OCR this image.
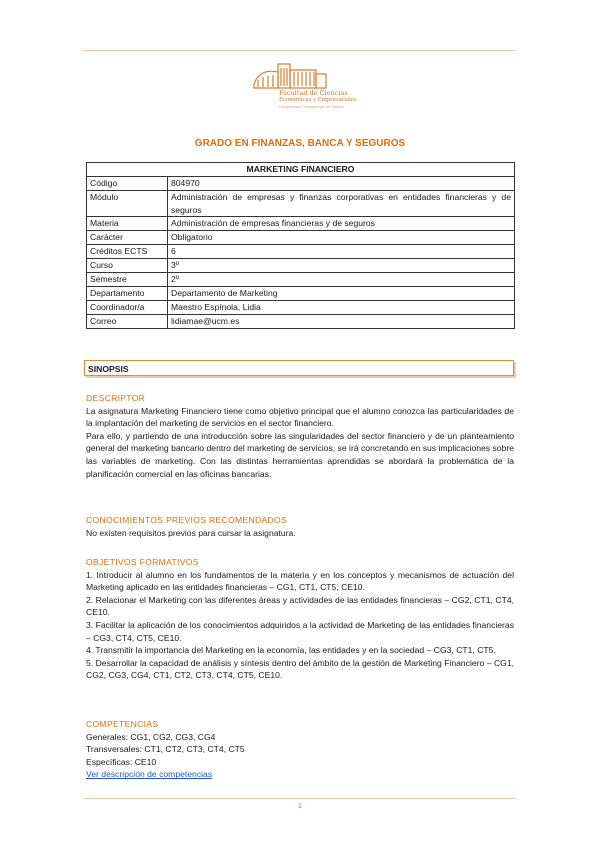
Facultad de Ciencias
Económicas y Empresariales
Universidad Complutense de Madrid
GRADO EN FINANZAS, BANCA Y SEGUROS
MARKETING FINANCIERO	
Código	804970
Módulo	Administración de empresas y finanzas corporativas en entidades financieras y de seguros
Materia	Administración de empresas financieras y de seguros
Carácter	Obligatorio
Créditos ECTS	6
Curso	3º
Semestre	2º
Departamento	Departamento de Marketing
Coordinador/a	Maestro Espínola, Lidia
Correo	lidiamae@ucm.es
SINOPSIS
DESCRIPTOR

La asignatura Marketing Financiero tiene como objetivo principal que el alumno conozca las particularidades de la implantación del marketing de servicios en el sector financiero.

Para ello, y partiendo de una introducción sobre las singularidades del sector financiero y de un planteamiento general del marketing bancario dentro del marketing de servicios, se irá concretando en sus implicaciones sobre las variables de marketing. Con las distintas herramientas aprendidas se abordará la problemática de la planificación comercial en las oficinas bancarias.

CONOCIMIENTOS PREVIOS RECOMENDADOS

No existen requisitos previos para cursar la asignatura.

OBJETIVOS FORMATIVOS

1. Introducir al alumno en los fundamentos de la materia y en los conceptos y mecanismos de actuación del Marketing aplicado en las entidades financieras – CG1, CT1, CT5, CE10.

2. Relacionar el Marketing con las diferentes áreas y actividades de las entidades financieras – CG2, CT1, CT4, CE10.

3. Facilitar la aplicación de los conocimientos adquiridos a la actividad de Marketing de las entidades financieras – CG3, CT4, CT5, CE10.

4. Transmitir la importancia del Marketing en la economía, las entidades y en la sociedad – CG3, CT1, CT5.

5. Desarrollar la capacidad de análisis y síntesis dentro del ámbito de la gestión de Marketing Financiero – CG1, CG2, CG3, CG4, CT1, CT2, CT3, CT4, CT5, CE10.

COMPETENCIAS

Generales: CG1, CG2, CG3, CG4

Transversales: CT1, CT2, CT3, CT4, CT5

Específicas: CE10

Ver descripción de competencias

1
